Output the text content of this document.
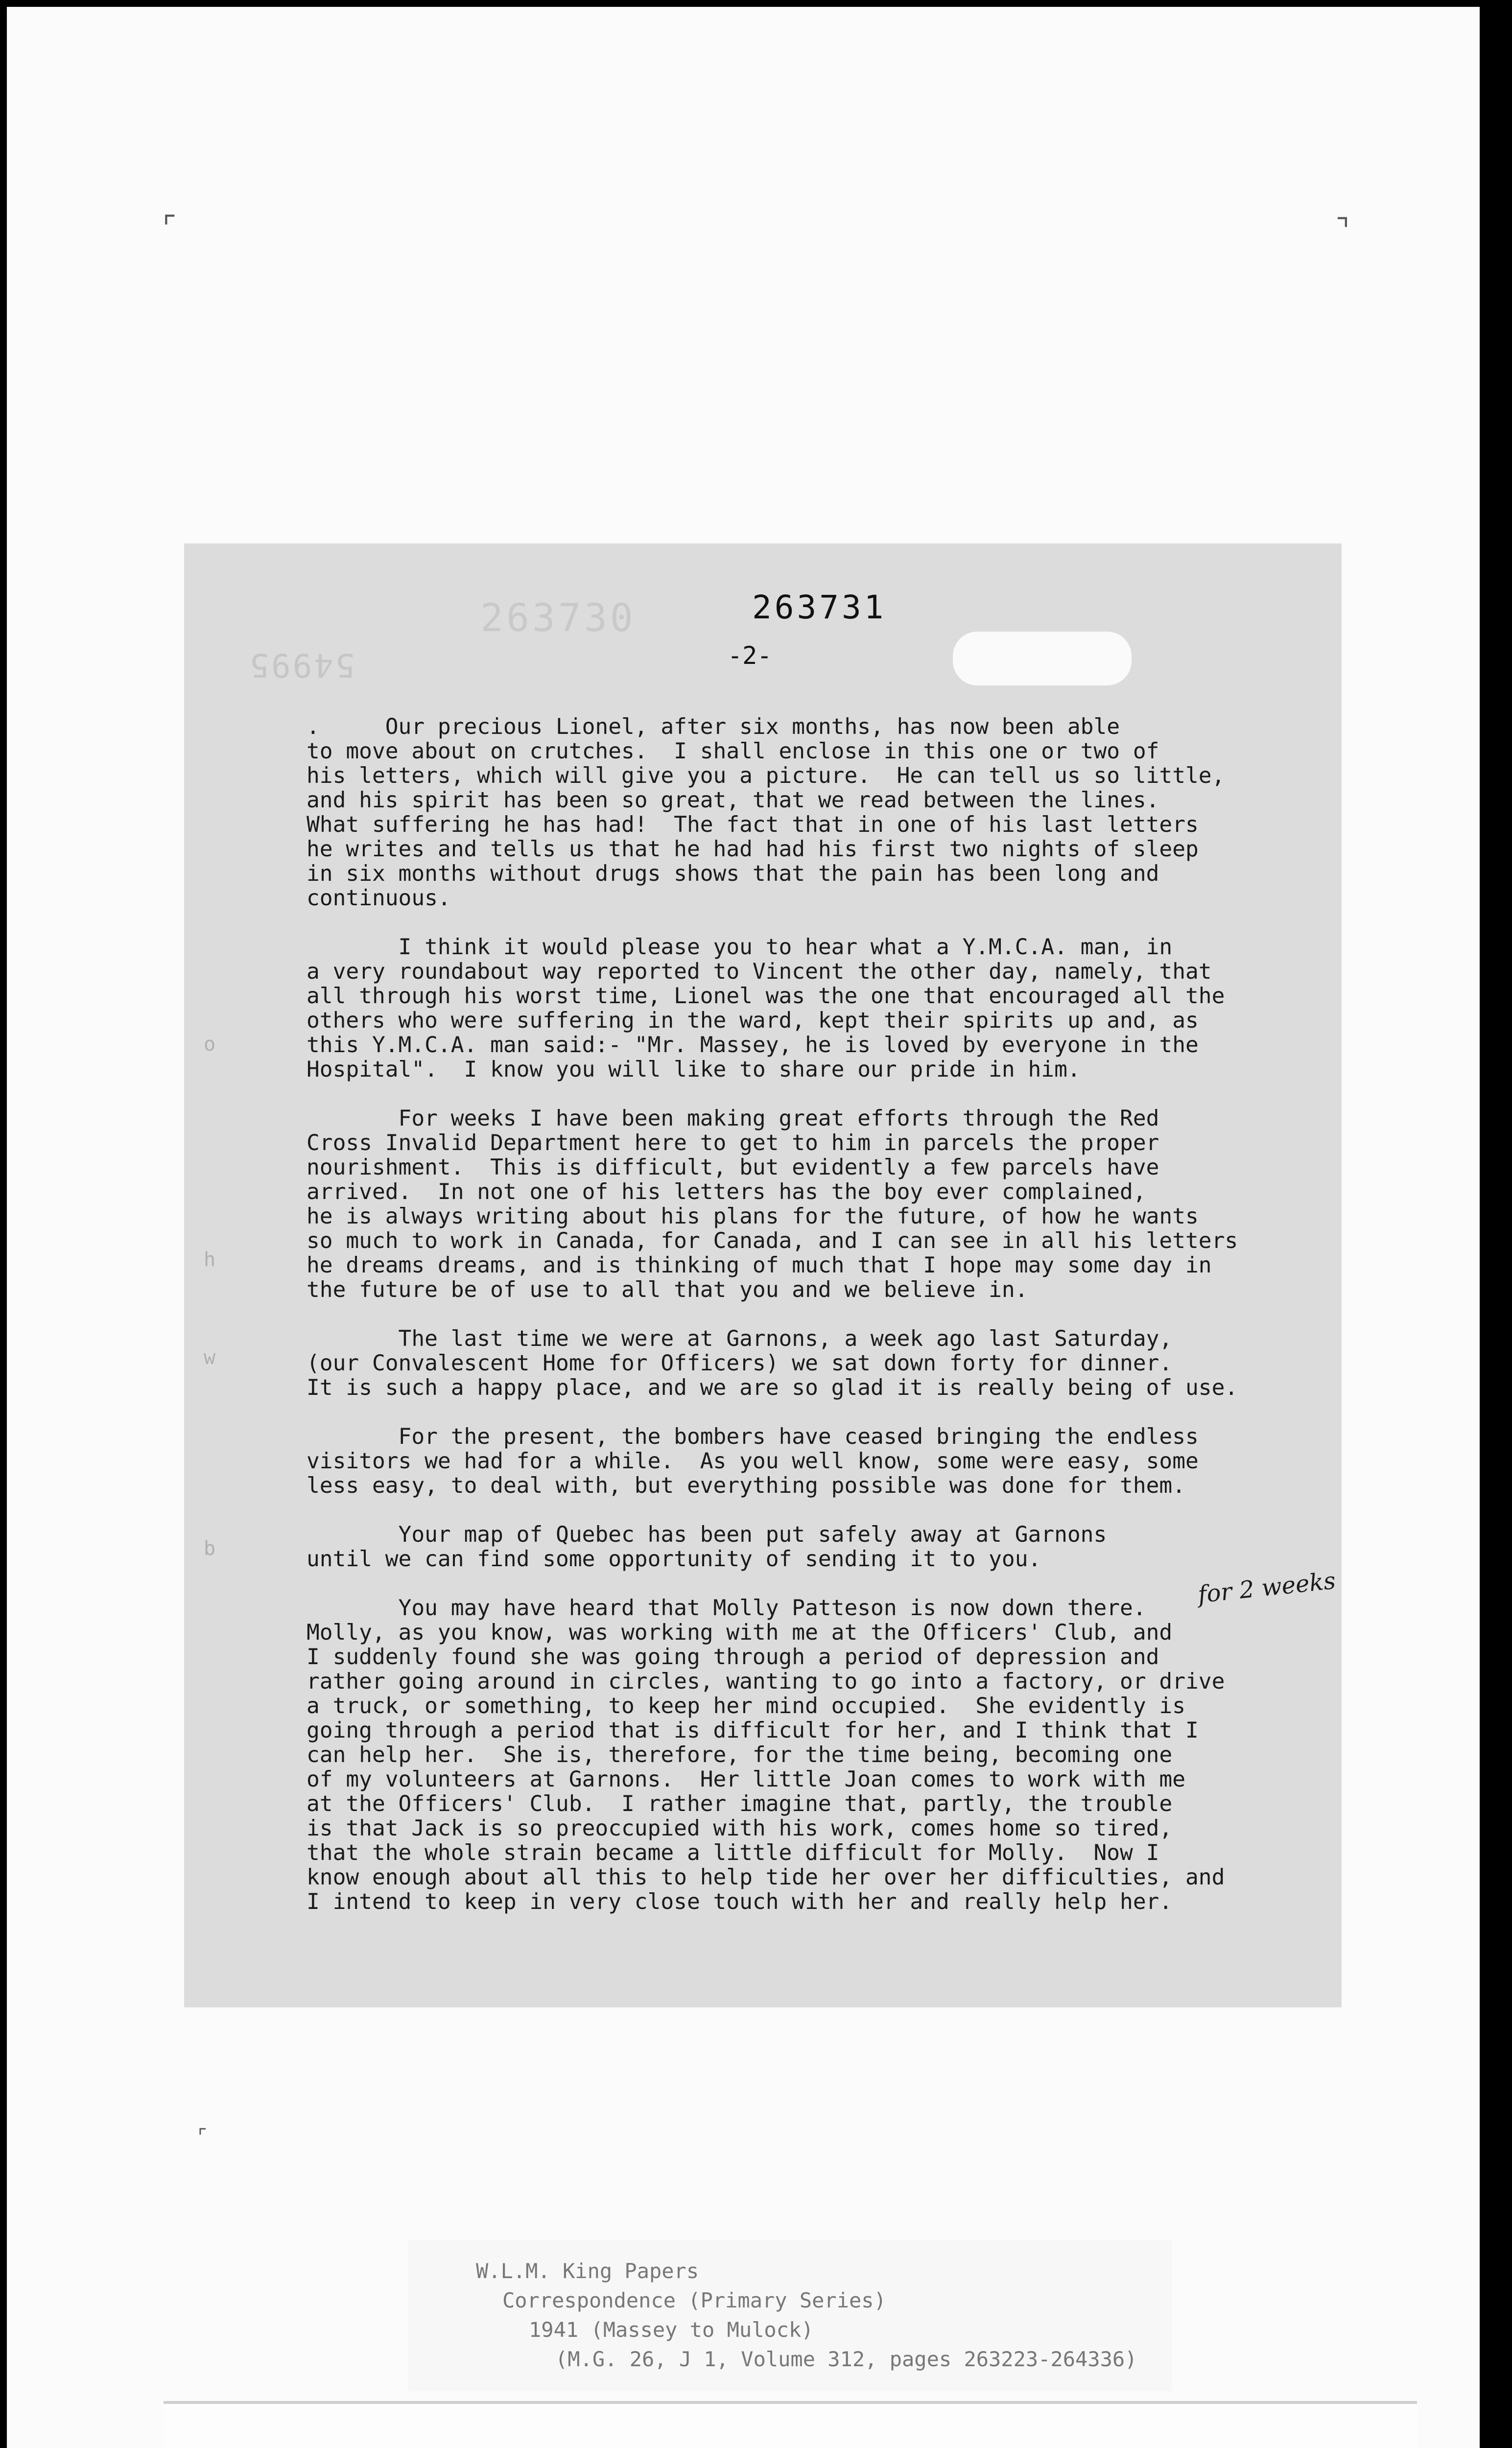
⌜	⌝
⌜
263730
54995
263731
-2-
o
h
w
b
.     Our precious Lionel, after six months, has now been able
to move about on crutches.  I shall enclose in this one or two of
his letters, which will give you a picture.  He can tell us so little,
and his spirit has been so great, that we read between the lines.
What suffering he has had!  The fact that in one of his last letters
he writes and tells us that he had had his first two nights of sleep
in six months without drugs shows that the pain has been long and
continuous.
I think it would please you to hear what a Y.M.C.A. man, in
a very roundabout way reported to Vincent the other day, namely, that
all through his worst time, Lionel was the one that encouraged all the
others who were suffering in the ward, kept their spirits up and, as
this Y.M.C.A. man said:- "Mr. Massey, he is loved by everyone in the
Hospital".  I know you will like to share our pride in him.
For weeks I have been making great efforts through the Red
Cross Invalid Department here to get to him in parcels the proper
nourishment.  This is difficult, but evidently a few parcels have
arrived.  In not one of his letters has the boy ever complained,
he is always writing about his plans for the future, of how he wants
so much to work in Canada, for Canada, and I can see in all his letters
he dreams dreams, and is thinking of much that I hope may some day in
the future be of use to all that you and we believe in.
The last time we were at Garnons, a week ago last Saturday,
(our Convalescent Home for Officers) we sat down forty for dinner.
It is such a happy place, and we are so glad it is really being of use.
For the present, the bombers have ceased bringing the endless
visitors we had for a while.  As you well know, some were easy, some
less easy, to deal with, but everything possible was done for them.
Your map of Quebec has been put safely away at Garnons
until we can find some opportunity of sending it to you.
You may have heard that Molly Patteson is now down there.
Molly, as you know, was working with me at the Officers' Club, and
I suddenly found she was going through a period of depression and
rather going around in circles, wanting to go into a factory, or drive
a truck, or something, to keep her mind occupied.  She evidently is
going through a period that is difficult for her, and I think that I
can help her.  She is, therefore, for the time being, becoming one
of my volunteers at Garnons.  Her little Joan comes to work with me
at the Officers' Club.  I rather imagine that, partly, the trouble
is that Jack is so preoccupied with his work, comes home so tired,
that the whole strain became a little difficult for Molly.  Now I
know enough about all this to help tide her over her difficulties, and
I intend to keep in very close touch with her and really help her.
for 2 weeks
W.L.M. King Papers
Correspondence (Primary Series)
1941 (Massey to Mulock)
(M.G. 26, J 1, Volume 312, pages 263223-264336)
